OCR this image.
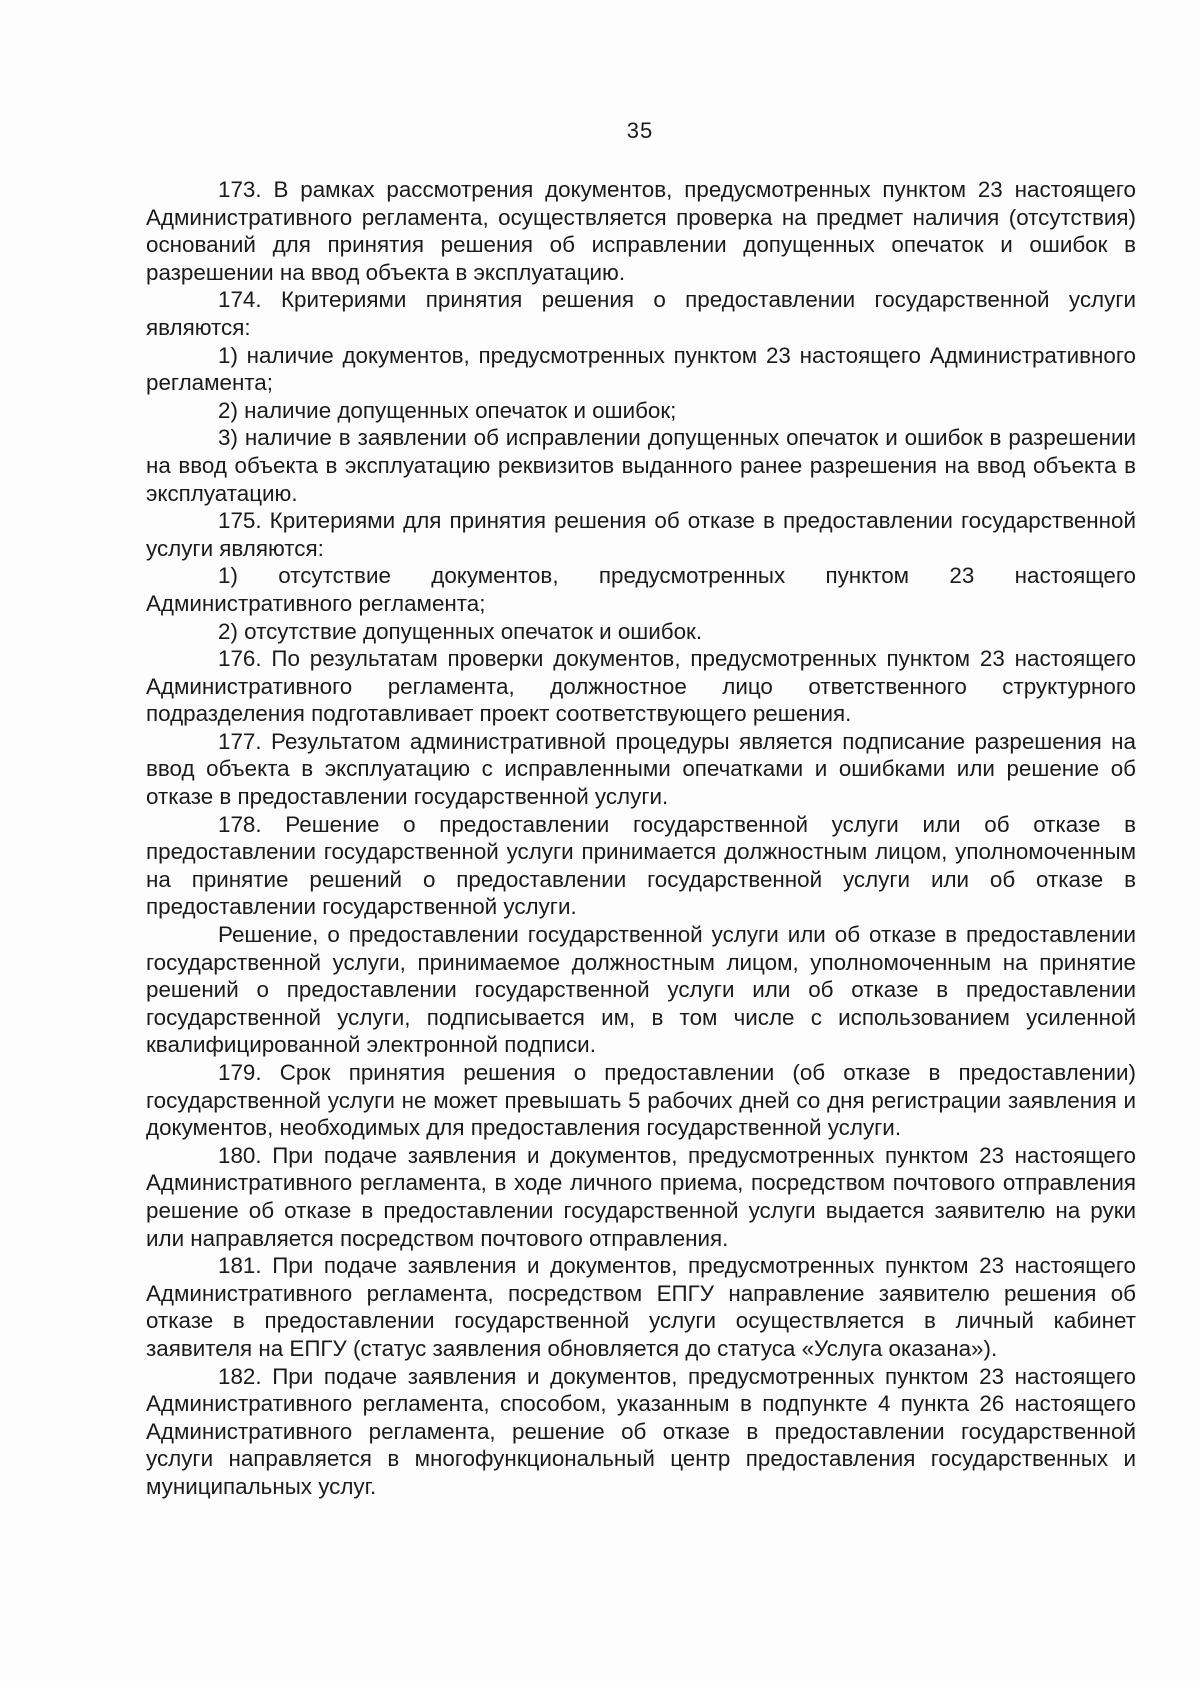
35

173. В рамках рассмотрения документов, предусмотренных пунктом 23 настоящего Административного регламента, осуществляется проверка на предмет наличия (отсутствия) оснований для принятия решения об исправлении допущенных опечаток и ошибок в разрешении на ввод объекта в эксплуатацию.

174. Критериями принятия решения о предоставлении государственной услуги являются:

1) наличие документов, предусмотренных пунктом 23 настоящего Административного регламента;

2) наличие допущенных опечаток и ошибок;

3) наличие в заявлении об исправлении допущенных опечаток и ошибок в разрешении на ввод объекта в эксплуатацию реквизитов выданного ранее разрешения на ввод объекта в эксплуатацию.

175. Критериями для принятия решения об отказе в предоставлении государственной услуги являются:

1) отсутствие документов, предусмотренных пунктом 23 настоящего Административного регламента;

2) отсутствие допущенных опечаток и ошибок.

176. По результатам проверки документов, предусмотренных пунктом 23 настоящего Административного регламента, должностное лицо ответственного структурного подразделения подготавливает проект соответствующего решения.

177. Результатом административной процедуры является подписание разрешения на ввод объекта в эксплуатацию с исправленными опечатками и ошибками или решение об отказе в предоставлении государственной услуги.

178. Решение о предоставлении государственной услуги или об отказе в предоставлении государственной услуги принимается должностным лицом, уполномоченным на принятие решений о предоставлении государственной услуги или об отказе в предоставлении государственной услуги.

Решение, о предоставлении государственной услуги или об отказе в предоставлении государственной услуги, принимаемое должностным лицом, уполномоченным на принятие решений о предоставлении государственной услуги или об отказе в предоставлении государственной услуги, подписывается им, в том числе с использованием усиленной квалифицированной электронной подписи.

179. Срок принятия решения о предоставлении (об отказе в предоставлении) государственной услуги не может превышать 5 рабочих дней со дня регистрации заявления и документов, необходимых для предоставления государственной услуги.

180. При подаче заявления и документов, предусмотренных пунктом 23 настоящего Административного регламента, в ходе личного приема, посредством почтового отправления решение об отказе в предоставлении государственной услуги выдается заявителю на руки или направляется посредством почтового отправления.

181. При подаче заявления и документов, предусмотренных пунктом 23 настоящего Административного регламента, посредством ЕПГУ направление заявителю решения об отказе в предоставлении государственной услуги осуществляется в личный кабинет заявителя на ЕПГУ (статус заявления обновляется до статуса «Услуга оказана»).

182. При подаче заявления и документов, предусмотренных пунктом 23 настоящего Административного регламента, способом, указанным в подпункте 4 пункта 26 настоящего Административного регламента, решение об отказе в предоставлении государственной услуги направляется в многофункциональный центр предоставления государственных и муниципальных услуг.
